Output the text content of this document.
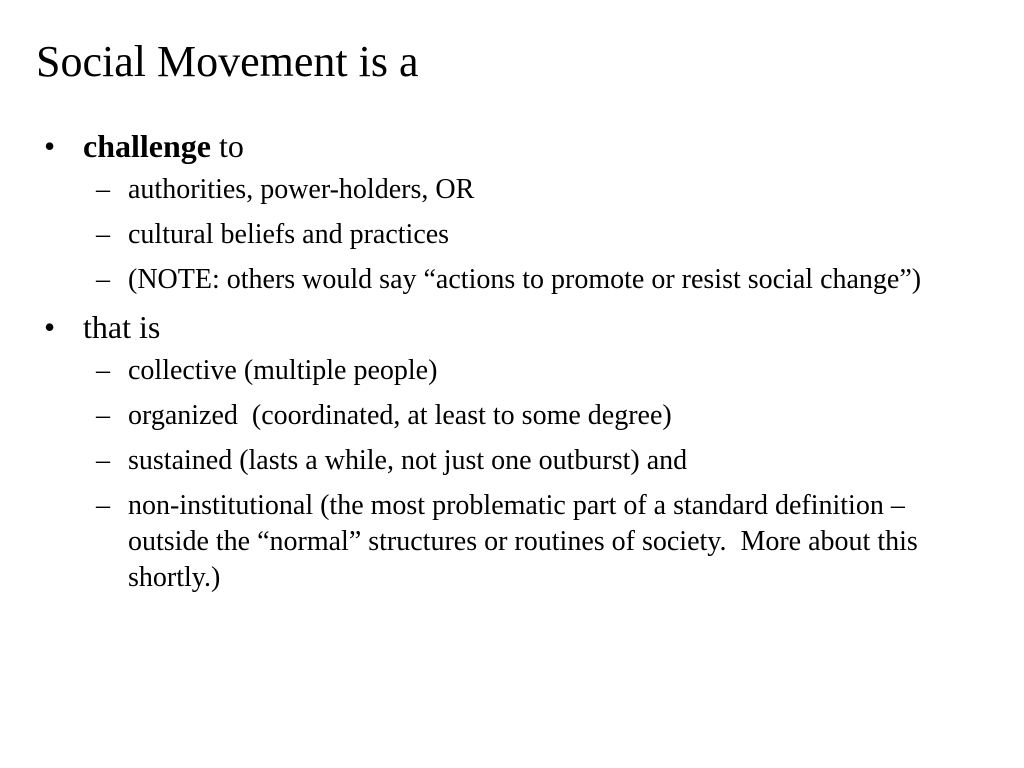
Social Movement is a
• challenge to
– authorities, power-holders, OR
– cultural beliefs and practices
– (NOTE: others would say “actions to promote or resist social change”)
• that is
– collective (multiple people)
– organized  (coordinated, at least to some degree)
– sustained (lasts a while, not just one outburst) and
– non-institutional (the most problematic part of a standard definition – outside the “normal” structures or routines of society.  More about this shortly.)
